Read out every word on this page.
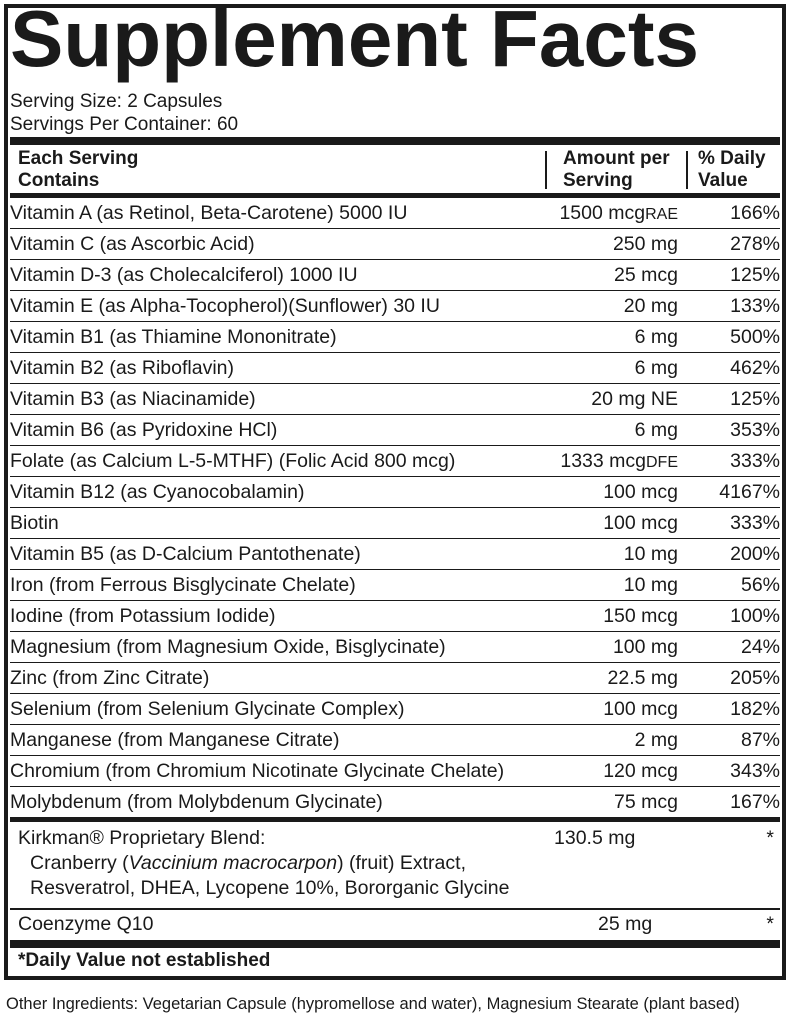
Supplement Facts
Serving Size: 2 Capsules
Servings Per Container: 60
Each Serving
Contains
Amount per
Serving
% Daily
Value
Vitamin A (as Retinol, Beta-Carotene) 5000 IU	1500 mcgRAE	166%
Vitamin C (as Ascorbic Acid)	250 mg	278%
Vitamin D-3 (as Cholecalciferol) 1000 IU	25 mcg	125%
Vitamin E (as Alpha-Tocopherol)(Sunflower) 30 IU	20 mg	133%
Vitamin B1 (as Thiamine Mononitrate)	6 mg	500%
Vitamin B2 (as Riboflavin)	6 mg	462%
Vitamin B3 (as Niacinamide)	20 mg NE	125%
Vitamin B6 (as Pyridoxine HCl)	6 mg	353%
Folate (as Calcium L-5-MTHF) (Folic Acid 800 mcg)	1333 mcgDFE	333%
Vitamin B12 (as Cyanocobalamin)	100 mcg	4167%
Biotin	100 mcg	333%
Vitamin B5 (as D-Calcium Pantothenate)	10 mg	200%
Iron (from Ferrous Bisglycinate Chelate)	10 mg	56%
Iodine (from Potassium Iodide)	150 mcg	100%
Magnesium (from Magnesium Oxide, Bisglycinate)	100 mg	24%
Zinc (from Zinc Citrate)	22.5 mg	205%
Selenium (from Selenium Glycinate Complex)	100 mcg	182%
Manganese (from Manganese Citrate)	2 mg	87%
Chromium (from Chromium Nicotinate Glycinate Chelate)	120 mcg	343%
Molybdenum (from Molybdenum Glycinate)	75 mcg	167%
Kirkman® Proprietary Blend:	130.5 mg	*
Cranberry (Vaccinium macrocarpon) (fruit) Extract,
Resveratrol, DHEA, Lycopene 10%, Bororganic Glycine
Coenzyme Q10	25 mg	*
*Daily Value not established
Other Ingredients: Vegetarian Capsule (hypromellose and water), Magnesium Stearate (plant based)
